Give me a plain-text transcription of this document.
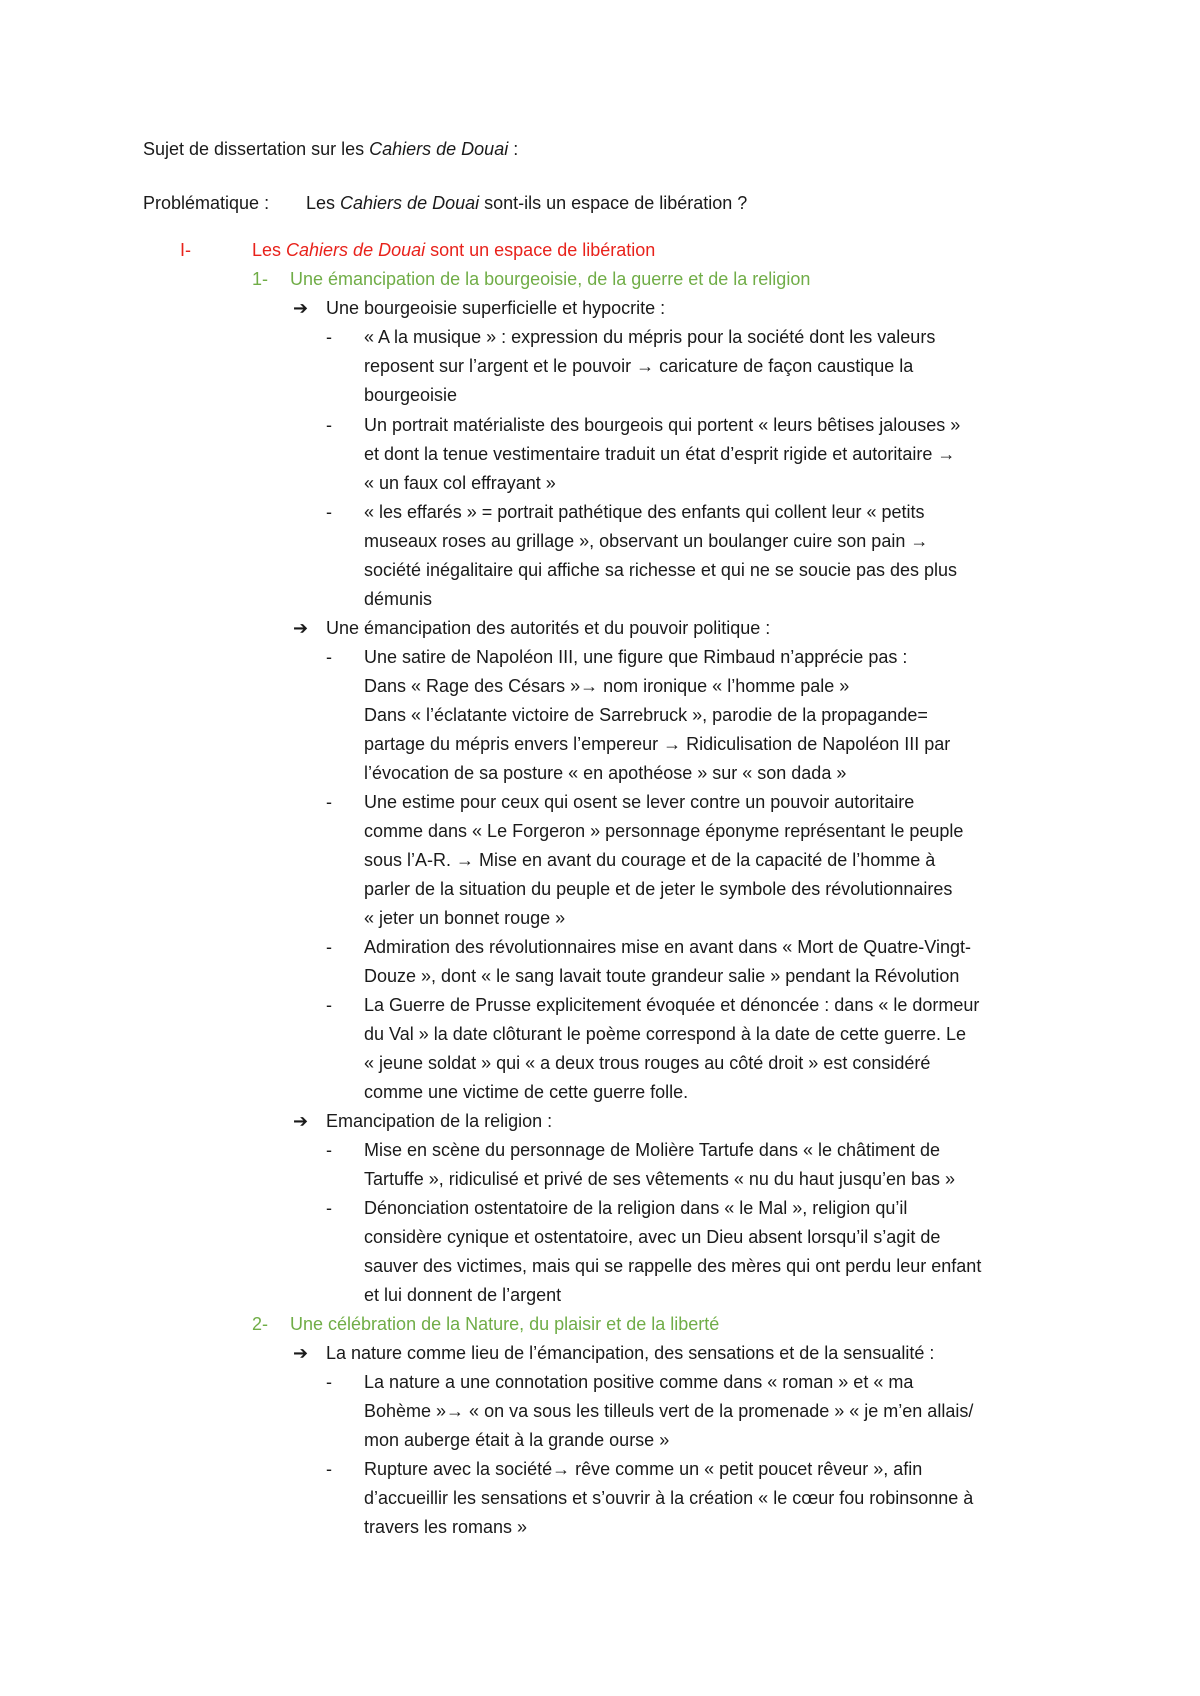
Sujet de dissertation sur les Cahiers de Douai :
Problématique : Les Cahiers de Douai sont-ils un espace de libération ?
I-	Les Cahiers de Douai sont un espace de libération
1- Une émancipation de la bourgeoisie, de la guerre et de la religion
➔ Une bourgeoisie superficielle et hypocrite :
- « A la musique » : expression du mépris pour la société dont les valeurs
reposent sur l’argent et le pouvoir → caricature de façon caustique la
bourgeoisie
- Un portrait matérialiste des bourgeois qui portent « leurs bêtises jalouses »
et dont la tenue vestimentaire traduit un état d’esprit rigide et autoritaire →
« un faux col effrayant »
- « les effarés » = portrait pathétique des enfants qui collent leur « petits
museaux roses au grillage », observant un boulanger cuire son pain →
société inégalitaire qui affiche sa richesse et qui ne se soucie pas des plus
démunis
➔ Une émancipation des autorités et du pouvoir politique :
- Une satire de Napoléon III, une figure que Rimbaud n’apprécie pas :
Dans « Rage des Césars »→ nom ironique « l’homme pale »
Dans « l’éclatante victoire de Sarrebruck », parodie de la propagande=
partage du mépris envers l’empereur → Ridiculisation de Napoléon III par
l’évocation de sa posture « en apothéose » sur « son dada »
- Une estime pour ceux qui osent se lever contre un pouvoir autoritaire
comme dans « Le Forgeron » personnage éponyme représentant le peuple
sous l’A-R. → Mise en avant du courage et de la capacité de l’homme à
parler de la situation du peuple et de jeter le symbole des révolutionnaires
« jeter un bonnet rouge »
- Admiration des révolutionnaires mise en avant dans « Mort de Quatre-Vingt-
Douze », dont « le sang lavait toute grandeur salie » pendant la Révolution
- La Guerre de Prusse explicitement évoquée et dénoncée : dans « le dormeur
du Val » la date clôturant le poème correspond à la date de cette guerre. Le
« jeune soldat » qui « a deux trous rouges au côté droit » est considéré
comme une victime de cette guerre folle.
➔ Emancipation de la religion :
- Mise en scène du personnage de Molière Tartufe dans « le châtiment de
Tartuffe », ridiculisé et privé de ses vêtements « nu du haut jusqu’en bas »
- Dénonciation ostentatoire de la religion dans « le Mal », religion qu’il
considère cynique et ostentatoire, avec un Dieu absent lorsqu’il s’agit de
sauver des victimes, mais qui se rappelle des mères qui ont perdu leur enfant
et lui donnent de l’argent
2- Une célébration de la Nature, du plaisir et de la liberté
➔ La nature comme lieu de l’émancipation, des sensations et de la sensualité :
- La nature a une connotation positive comme dans « roman » et « ma
Bohème »→ « on va sous les tilleuls vert de la promenade » « je m’en allais/
mon auberge était à la grande ourse »
- Rupture avec la société→ rêve comme un « petit poucet rêveur », afin
d’accueillir les sensations et s’ouvrir à la création « le cœur fou robinsonne à
travers les romans »
